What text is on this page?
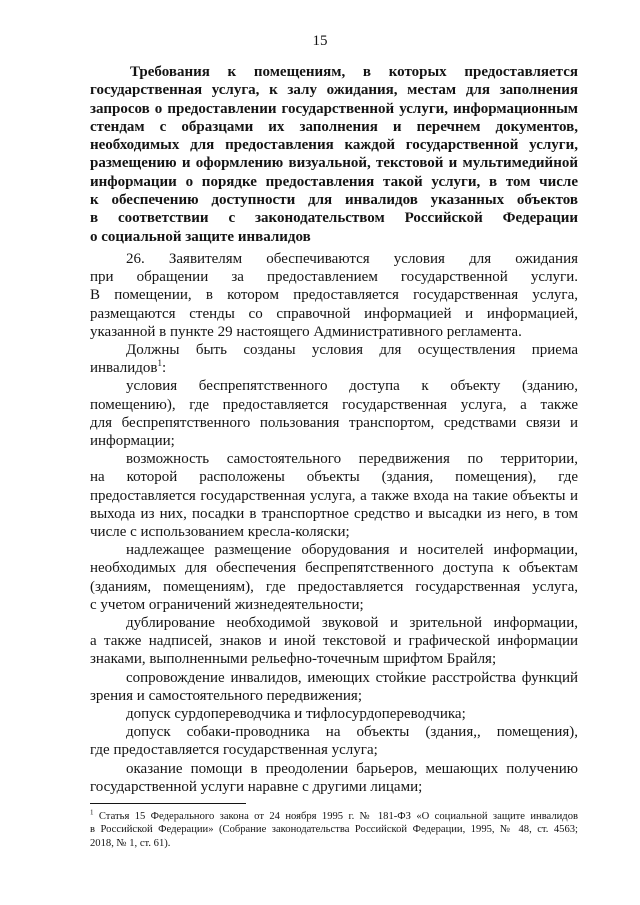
15
Требования к помещениям, в которых предоставляется
государственная услуга, к залу ожидания, местам для заполнения
запросов о предоставлении государственной услуги, информационным
стендам с образцами их заполнения и перечнем документов,
необходимых для предоставления каждой государственной услуги,
размещению и оформлению визуальной, текстовой и мультимедийной
информации о порядке предоставления такой услуги, в том числе
к обеспечению доступности для инвалидов указанных объектов
в соответствии с законодательством Российской Федерации
о социальной защите инвалидов

26. Заявителям обеспечиваются условия для ожидания
при обращении за предоставлением государственной услуги.
В помещении, в котором предоставляется государственная услуга,
размещаются стенды со справочной информацией и информацией,
указанной в пункте 29 настоящего Административного регламента.

Должны быть созданы условия для осуществления приема
инвалидов$^1$:

условия беспрепятственного доступа к объекту (зданию,
помещению), где предоставляется государственная услуга, а также
для беспрепятственного пользования транспортом, средствами связи и
информации;

возможность самостоятельного передвижения по территории,
на которой расположены объекты (здания, помещения), где
предоставляется государственная услуга, а также входа на такие объекты и
выхода из них, посадки в транспортное средство и высадки из него, в том
числе с использованием кресла-коляски;

надлежащее размещение оборудования и носителей информации,
необходимых для обеспечения беспрепятственного доступа к объектам
(зданиям, помещениям), где предоставляется государственная услуга,
с учетом ограничений жизнедеятельности;

дублирование необходимой звуковой и зрительной информации,
а также надписей, знаков и иной текстовой и графической информации
знаками, выполненными рельефно-точечным шрифтом Брайля;

сопровождение инвалидов, имеющих стойкие расстройства функций
зрения и самостоятельного передвижения;

допуск сурдопереводчика и тифлосурдопереводчика;

допуск собаки-проводника на объекты (здания,, помещения),
где предоставляется государственная услуга;

оказание помощи в преодолении барьеров, мешающих получению
государственной услуги наравне с другими лицами;

$^1$ Статья 15 Федерального закона от 24 ноября 1995 г. № 181-ФЗ «О социальной защите инвалидов
в Российской Федерации» (Собрание законодательства Российской Федерации, 1995, № 48, ст. 4563;
2018, № 1, ст. 61).
